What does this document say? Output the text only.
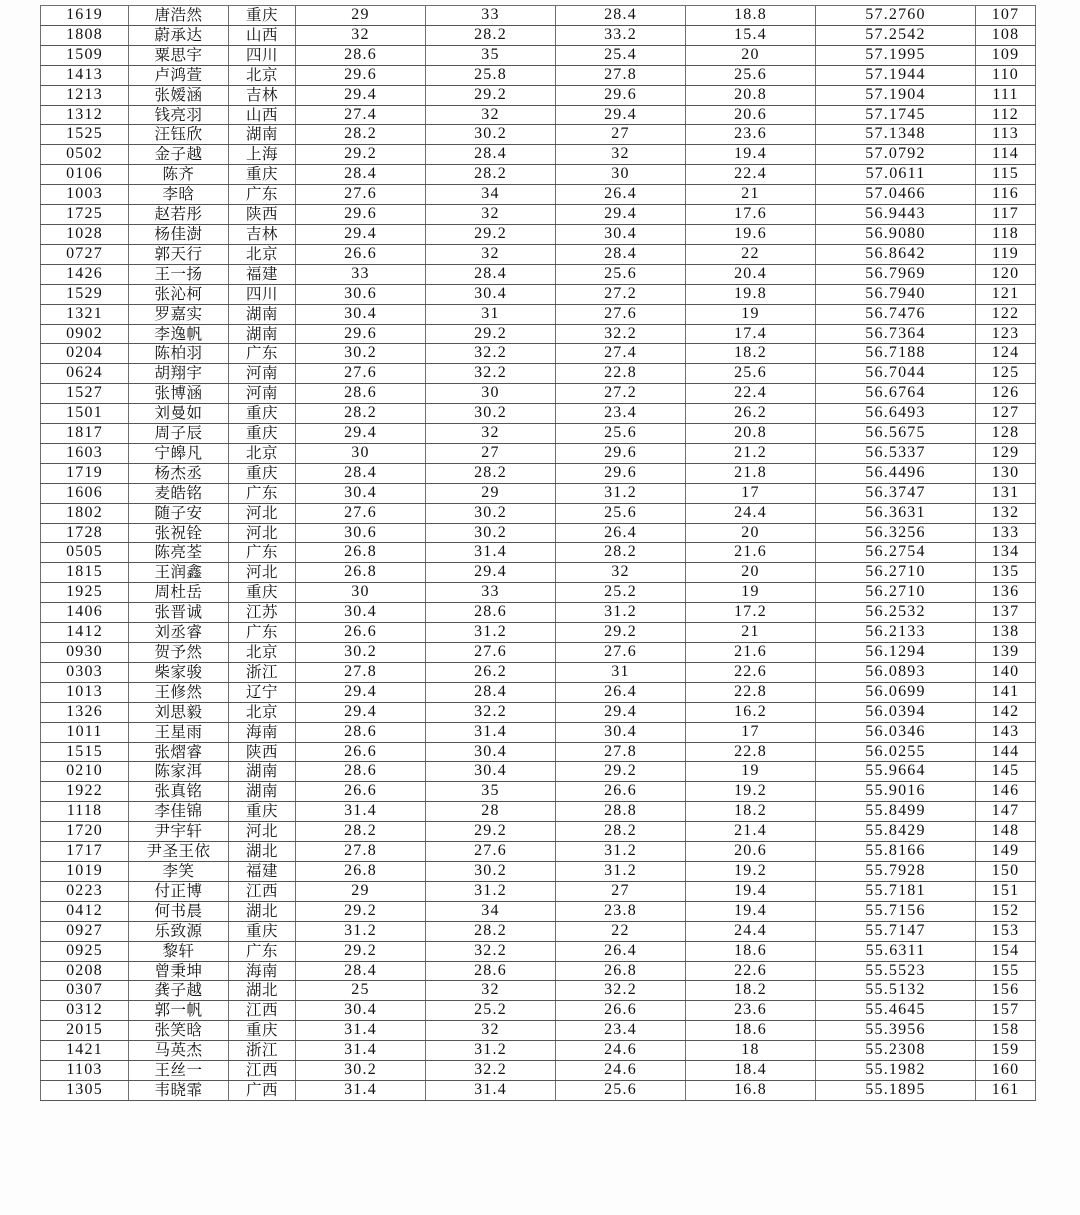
1619	唐浩然	重庆	29	33	28.4	18.8	57.2760	107
1808	蔚承达	山西	32	28.2	33.2	15.4	57.2542	108
1509	粟思宇	四川	28.6	35	25.4	20	57.1995	109
1413	卢鸿萱	北京	29.6	25.8	27.8	25.6	57.1944	110
1213	张嫒涵	吉林	29.4	29.2	29.6	20.8	57.1904	111
1312	钱亮羽	山西	27.4	32	29.4	20.6	57.1745	112
1525	汪钰欣	湖南	28.2	30.2	27	23.6	57.1348	113
0502	金子越	上海	29.2	28.4	32	19.4	57.0792	114
0106	陈齐	重庆	28.4	28.2	30	22.4	57.0611	115
1003	李晗	广东	27.6	34	26.4	21	57.0466	116
1725	赵若彤	陕西	29.6	32	29.4	17.6	56.9443	117
1028	杨佳澍	吉林	29.4	29.2	30.4	19.6	56.9080	118
0727	郭天行	北京	26.6	32	28.4	22	56.8642	119
1426	王一扬	福建	33	28.4	25.6	20.4	56.7969	120
1529	张沁柯	四川	30.6	30.4	27.2	19.8	56.7940	121
1321	罗嘉实	湖南	30.4	31	27.6	19	56.7476	122
0902	李逸帆	湖南	29.6	29.2	32.2	17.4	56.7364	123
0204	陈柏羽	广东	30.2	32.2	27.4	18.2	56.7188	124
0624	胡翔宇	河南	27.6	32.2	22.8	25.6	56.7044	125
1527	张博涵	河南	28.6	30	27.2	22.4	56.6764	126
1501	刘曼如	重庆	28.2	30.2	23.4	26.2	56.6493	127
1817	周子辰	重庆	29.4	32	25.6	20.8	56.5675	128
1603	宁皞凡	北京	30	27	29.6	21.2	56.5337	129
1719	杨杰丞	重庆	28.4	28.2	29.6	21.8	56.4496	130
1606	麦皓铭	广东	30.4	29	31.2	17	56.3747	131
1802	随子安	河北	27.6	30.2	25.6	24.4	56.3631	132
1728	张祝铨	河北	30.6	30.2	26.4	20	56.3256	133
0505	陈亮荃	广东	26.8	31.4	28.2	21.6	56.2754	134
1815	王润鑫	河北	26.8	29.4	32	20	56.2710	135
1925	周杜岳	重庆	30	33	25.2	19	56.2710	136
1406	张晋诚	江苏	30.4	28.6	31.2	17.2	56.2532	137
1412	刘丞睿	广东	26.6	31.2	29.2	21	56.2133	138
0930	贺予然	北京	30.2	27.6	27.6	21.6	56.1294	139
0303	柴家骏	浙江	27.8	26.2	31	22.6	56.0893	140
1013	王修然	辽宁	29.4	28.4	26.4	22.8	56.0699	141
1326	刘思毅	北京	29.4	32.2	29.4	16.2	56.0394	142
1011	王星雨	海南	28.6	31.4	30.4	17	56.0346	143
1515	张熠睿	陕西	26.6	30.4	27.8	22.8	56.0255	144
0210	陈家洱	湖南	28.6	30.4	29.2	19	55.9664	145
1922	张真铭	湖南	26.6	35	26.6	19.2	55.9016	146
1118	李佳锦	重庆	31.4	28	28.8	18.2	55.8499	147
1720	尹宇轩	河北	28.2	29.2	28.2	21.4	55.8429	148
1717	尹圣王依	湖北	27.8	27.6	31.2	20.6	55.8166	149
1019	李笑	福建	26.8	30.2	31.2	19.2	55.7928	150
0223	付正博	江西	29	31.2	27	19.4	55.7181	151
0412	何书晨	湖北	29.2	34	23.8	19.4	55.7156	152
0927	乐致源	重庆	31.2	28.2	22	24.4	55.7147	153
0925	黎轩	广东	29.2	32.2	26.4	18.6	55.6311	154
0208	曾秉坤	海南	28.4	28.6	26.8	22.6	55.5523	155
0307	龚子越	湖北	25	32	32.2	18.2	55.5132	156
0312	郭一帆	江西	30.4	25.2	26.6	23.6	55.4645	157
2015	张笑晗	重庆	31.4	32	23.4	18.6	55.3956	158
1421	马英杰	浙江	31.4	31.2	24.6	18	55.2308	159
1103	王丝一	江西	30.2	32.2	24.6	18.4	55.1982	160
1305	韦晓霏	广西	31.4	31.4	25.6	16.8	55.1895	161
